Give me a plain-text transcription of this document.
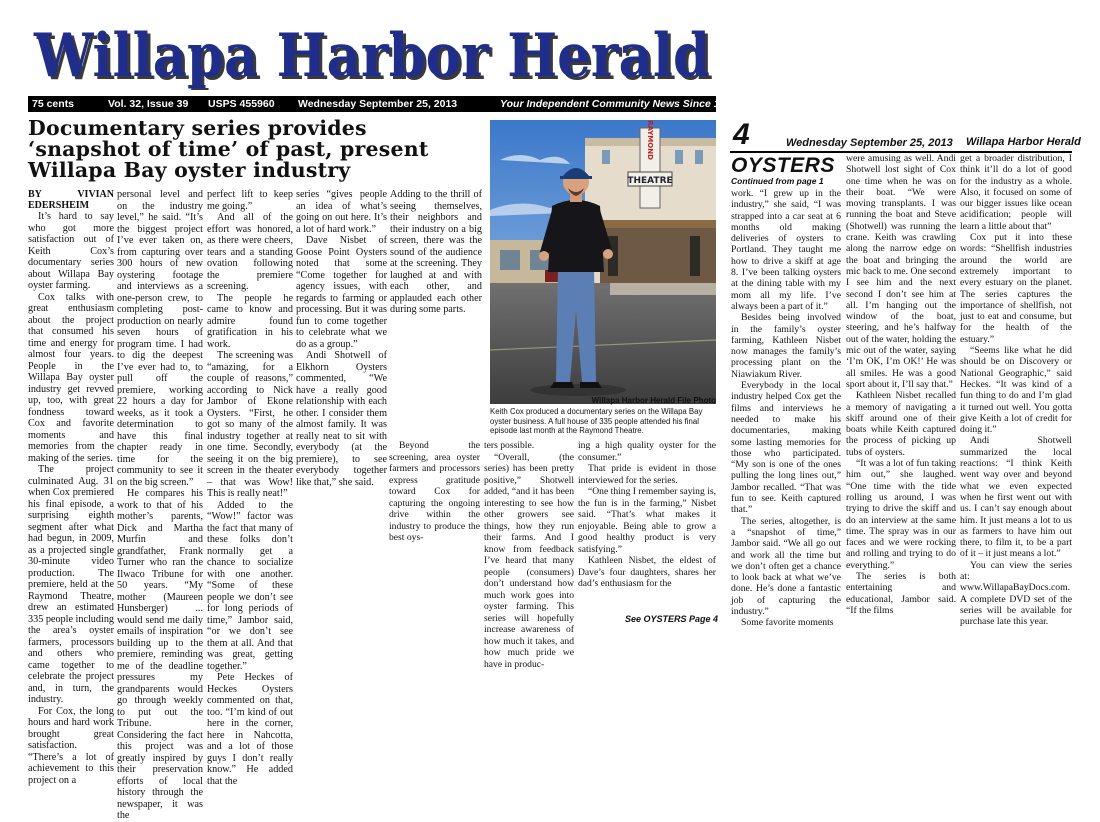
Willapa Harbor Herald
Willapa Harbor Herald
75 cents	Vol. 32, Issue 39 USPS 455960 Wednesday September 25, 2013	Your Independent Community News Since 1890
Documentary series provides
‘snapshot of time’ of past, present
Willapa Bay oyster industry

BY VIVIAN EDERSHEIM

It’s hard to say who got more satisfaction out of Keith Cox’s documentary series about Willapa Bay oyster farming.

Cox talks with great enthusiasm about the project that consumed his time and energy for almost four years. People in the Willapa Bay oyster industry get revved up, too, with great fondness toward Cox and favorite moments and memories from the making of the series.

The project culminated Aug. 31 when Cox premiered his final episode, a surprising eighth segment after what had begun, in 2009, as a projected single 30-minute video production. The premiere, held at the Raymond Theatre, drew an estimated 335 people including the area’s oyster farmers, processors and others who came together to celebrate the project and, in turn, the industry.

For Cox, the long hours and hard work brought great satisfaction. “There’s a lot of achievement to this project on a

personal level and on the industry level,” he said. “It’s the biggest project I’ve ever taken on, from capturing over 300 hours of new oystering footage and interviews as a one-person crew, to completing post-production on nearly seven hours of program time. I had to dig the deepest I’ve ever had to, to pull off the premiere, working 22 hours a day for weeks, as it took a determination to have this final chapter ready in time for the community to see it on the big screen.”

He compares his work to that of his mother’s parents, Dick and Martha Murfin and grandfather, Frank Turner who ran the Ilwaco Tribune for 50 years. “My mother (Maureen Hunsberger) ... would send me daily emails of inspiration building up to the premiere, reminding me of the deadline pressures my grandparents would go through weekly to put out the Tribune. Considering the fact this project was greatly inspired by their preservation efforts of local history through the newspaper, it was the

perfect lift to keep me going.”

And all of the effort was honored, as there were cheers, tears and a standing ovation following the premiere screening.

The people he came to know and admire found gratification in his work.

The screening was “amazing, for a couple of reasons,” according to Nick Jambor of Ekone Oysters. “First, he got so many of the industry together at one time. Secondly, seeing it on the big screen in the theater – that was Wow! This is really neat!”

Added to the “Wow!” factor was the fact that many of these folks don’t normally get a chance to socialize with one another. “Some of these people we don’t see for long periods of time,” Jambor said, “or we don’t see them at all. And that was great, getting together.”

Pete Heckes of Heckes Oysters commented on that, too. “I’m kind of out here in the corner, here in Nahcotta, and a lot of those guys I don’t really know.” He added that the

series “gives people an idea of what’s going on out here. It’s a lot of hard work.”

Dave Nisbet of Goose Point Oysters noted that some “Come together for agency issues, with regards to farming or processing. But it was fun to come together to celebrate what we do as a group.”

Andi Shotwell of Elkhorn Oysters commented, “We have a really good relationship with each other. I consider them almost family. It was really neat to sit with everybody (at the premiere), to see everybody together like that,” she said.

Adding to the thrill of seeing themselves, their neighbors and their industry on a big screen, there was the sound of the audience at the screening. They laughed at and with each other, and applauded each other during some parts.

Beyond the screening, area oyster farmers and processors express gratitude toward Cox for capturing the ongoing drive within the industry to produce the best oys-

ters possible.

“Overall, (the series) has been pretty positive,” Shotwell added, “and it has been interesting to see how other growers see things, how they run their farms. And I know from feedback I’ve heard that many people (consumers) don’t understand how much work goes into oyster farming. This series will hopefully increase awareness of how much it takes, and how much pride we have in produc-

ing a high quality oyster for the consumer.”

That pride is evident in those interviewed for the series.

“One thing I remember saying is, the fun is in the farming,” Nisbet said. “That’s what makes it enjoyable. Being able to grow a good healthy product is very satisfying.”

Kathleen Nisbet, the eldest of Dave’s four daughters, shares her dad’s enthusiasm for the

See OYSTERS Page 4
RAYMOND
THEATRE
Willapa Harbor Herald File Photo
Keith Cox produced a documentary series on the Willapa Bay oyster business. A full house of 335 people attended his final episode last month at the Raymond Theatre.
4	Wednesday September 25, 2013 Willapa Harbor Herald
OYSTERS
Continued from page 1

work. “I grew up in the industry,” she said, “I was strapped into a car seat at 6 months old making deliveries of oysters to Portland. They taught me how to drive a skiff at age 8. I’ve been talking oysters at the dining table with my mom all my life. I’ve always been a part of it.”

Besides being involved in the family’s oyster farming, Kathleen Nisbet now manages the family’s processing plant on the Niawiakum River.

Everybody in the local industry helped Cox get the films and interviews he needed to make his documentaries, making some lasting memories for those who participated. “My son is one of the ones pulling the long lines out,” Jambor recalled. “That was fun to see. Keith captured that.”

The series, altogether, is a “snapshot of time,” Jambor said. “We all go out and work all the time but we don’t often get a chance to look back at what we’ve done. He’s done a fantastic job of capturing the industry.”

Some favorite moments

were amusing as well. Andi Shotwell lost sight of Cox one time when he was on their boat. “We were moving transplants. I was running the boat and Steve (Shotwell) was running the crane. Keith was crawling along the narrow edge on the boat and bringing the mic back to me. One second I see him and the next second I don’t see him at all. I’m hanging out the window of the boat, steering, and he’s halfway out of the water, holding the mic out of the water, saying ‘I’m OK, I’m OK!’ He was all smiles. He was a good sport about it, I’ll say that.”

Kathleen Nisbet recalled a memory of navigating a skiff around one of their boats while Keith captured the process of picking up tubs of oysters.

“It was a lot of fun taking him out,” she laughed. “One time with the tide rolling us around, I was trying to drive the skiff and do an interview at the same time. The spray was in our faces and we were rocking and rolling and trying to do everything.”

The series is both entertaining and educational, Jambor said. “If the films

get a broader distribution, I think it’ll do a lot of good for the industry as a whole. Also, it focused on some of our bigger issues like ocean acidification; people will learn a little about that”

Cox put it into these words: “Shellfish industries around the world are extremely important to every estuary on the planet. The series captures the importance of shellfish, not just to eat and consume, but for the health of the estuary.”

“Seems like what he did should be on Discovery or National Geographic,” said Heckes. “It was kind of a fun thing to do and I’m glad it turned out well. You gotta give Keith a lot of credit for doing it.”

Andi Shotwell summarized the local reactions: “I think Keith went way over and beyond what we even expected when he first went out with us. I can’t say enough about him. It just means a lot to us as farmers to have him out there, to film it, to be a part of it – it just means a lot.”

You can view the series at: www.WillapaBayDocs.com. A complete DVD set of the series will be available for purchase late this year.
